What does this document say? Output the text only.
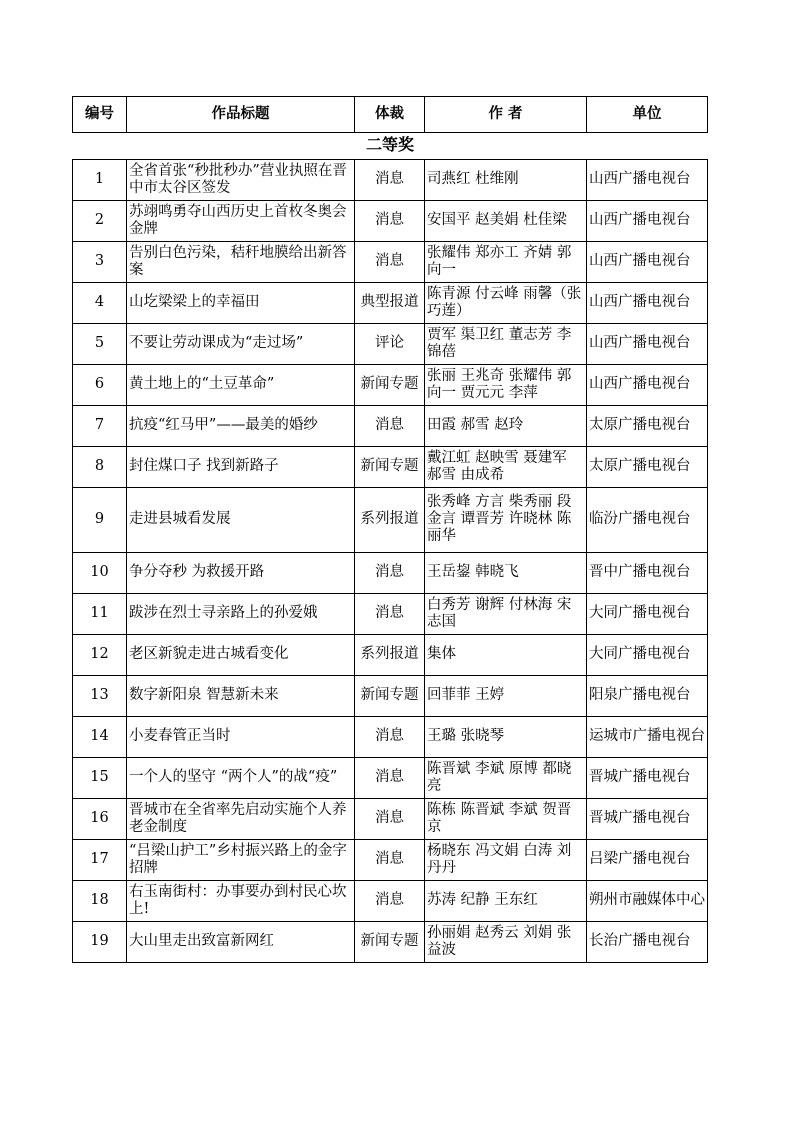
编号	作品标题	体裁	作 者	单位
二等奖				

1	全省首张“秒批秒办”营业执照在晋中市太谷区签发	消息	司燕红 杜维刚	山西广播电视台
2	苏翊鸣勇夺山西历史上首枚冬奥会金牌	消息	安国平 赵美娟 杜佳梁	山西广播电视台
3	告别白色污染，秸秆地膜给出新答案	消息	张耀伟 郑亦工 齐婧 郭向一	山西广播电视台
4	山圪梁梁上的幸福田	典型报道	陈青源 付云峰 雨馨（张巧莲）	山西广播电视台
5	不要让劳动课成为“走过场”	评论	贾军 渠卫红 董志芳 李锦蓓	山西广播电视台
6	黄土地上的“土豆革命”	新闻专题	张丽 王兆奇 张耀伟 郭向一 贾元元 李萍	山西广播电视台
7	抗疫“红马甲”——最美的婚纱	消息	田霞 郝雪 赵玲	太原广播电视台
8	封住煤口子 找到新路子	新闻专题	戴江虹 赵映雪 聂建军 郝雪 由成希	太原广播电视台
9	走进县城看发展	系列报道	张秀峰 方言 柴秀丽 段金言 谭晋芳 许晓林 陈丽华	临汾广播电视台
10	争分夺秒 为救援开路	消息	王岳鋆 韩晓飞	晋中广播电视台
11	跋涉在烈士寻亲路上的孙爱娥	消息	白秀芳 谢辉 付林海 宋志国	大同广播电视台
12	老区新貌走进古城看变化	系列报道	集体	大同广播电视台
13	数字新阳泉 智慧新未来	新闻专题	回菲菲 王婷	阳泉广播电视台
14	小麦春管正当时	消息	王璐 张晓琴	运城市广播电视台
15	一个人的坚守 “两个人”的战“疫”	消息	陈晋斌 李斌 原博 都晓亮	晋城广播电视台
16	晋城市在全省率先启动实施个人养老金制度	消息	陈栋 陈晋斌 李斌 贺晋京	晋城广播电视台
17	“吕梁山护工”乡村振兴路上的金字招牌	消息	杨晓东 冯文娟 白涛 刘丹丹	吕梁广播电视台
18	右玉南街村：办事要办到村民心坎上!	消息	苏涛 纪静 王东红	朔州市融媒体中心
19	大山里走出致富新网红	新闻专题	孙丽娟 赵秀云 刘娟 张益波	长治广播电视台
